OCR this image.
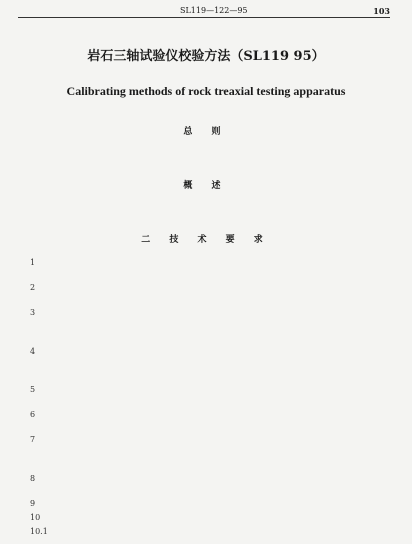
SL119—122—95	103
岩石三轴试验仪校验方法（SL119 95）
Calibrating methods of rock treaxial testing apparatus
总 则
概 述
二 技 术 要 求
1
2
3
4
5
6
7
8
9
10
10.1
